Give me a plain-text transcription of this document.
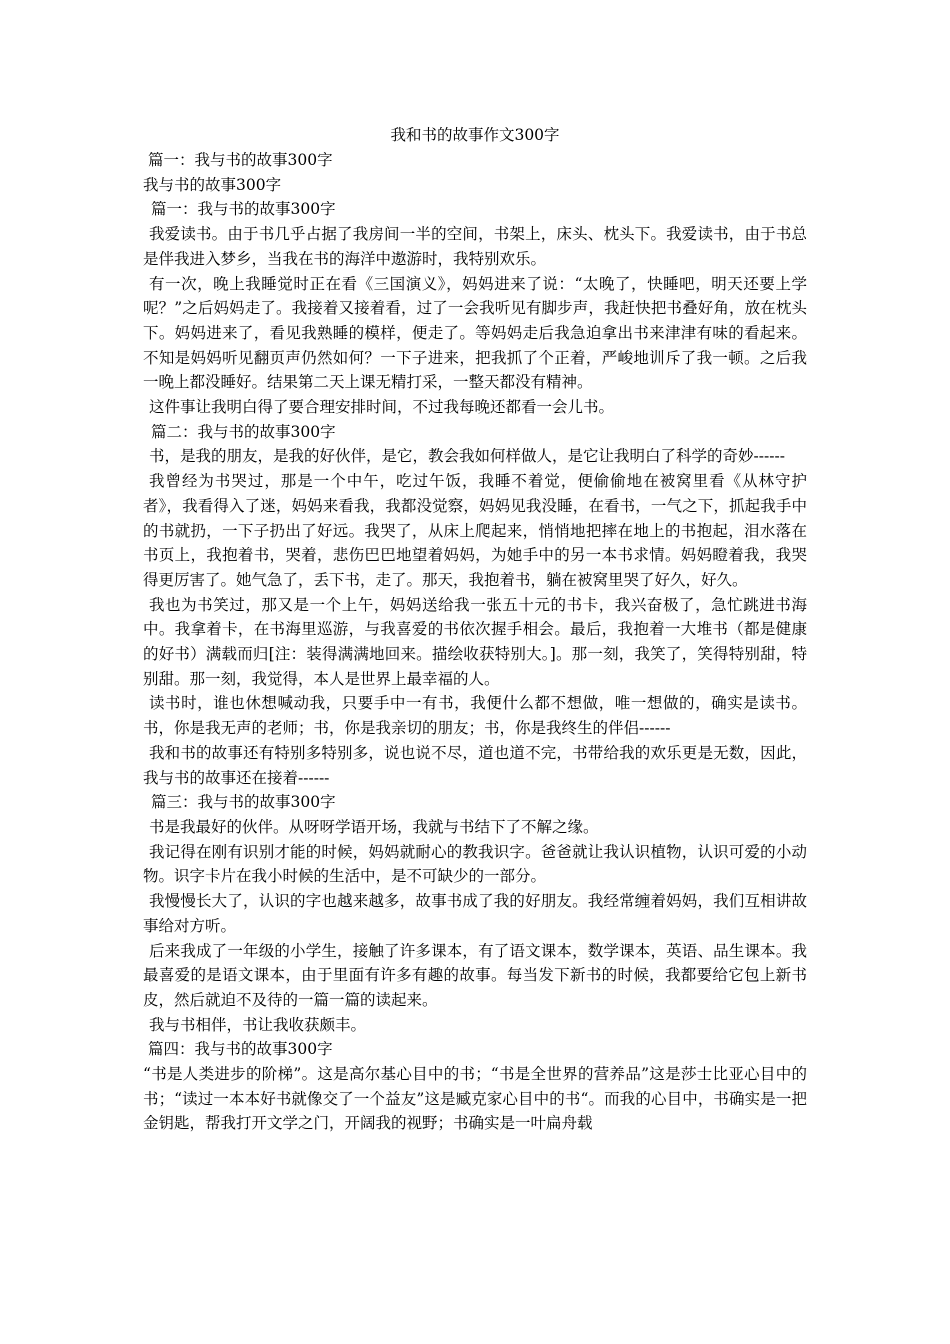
我和书的故事作文300字

篇一：我与书的故事300字

我与书的故事300字

篇一：我与书的故事300字

我爱读书。由于书几乎占据了我房间一半的空间，书架上，床头、枕头下。我爱读书，由于书总是伴我进入梦乡，当我在书的海洋中遨游时，我特别欢乐。

有一次，晚上我睡觉时正在看《三国演义》，妈妈进来了说：“太晚了，快睡吧，明天还要上学呢？”之后妈妈走了。我接着又接着看，过了一会我听见有脚步声，我赶快把书叠好角，放在枕头下。妈妈进来了，看见我熟睡的模样，便走了。等妈妈走后我急迫拿出书来津津有味的看起来。不知是妈妈听见翻页声仍然如何？一下子进来，把我抓了个正着，严峻地训斥了我一顿。之后我一晚上都没睡好。结果第二天上课无精打采，一整天都没有精神。

这件事让我明白得了要合理安排时间，不过我每晚还都看一会儿书。

篇二：我与书的故事300字

书，是我的朋友，是我的好伙伴，是它，教会我如何样做人，是它让我明白了科学的奇妙------

我曾经为书哭过，那是一个中午，吃过午饭，我睡不着觉，便偷偷地在被窝里看《从林守护者》，我看得入了迷，妈妈来看我，我都没觉察，妈妈见我没睡，在看书，一气之下，抓起我手中的书就扔，一下子扔出了好远。我哭了，从床上爬起来，悄悄地把摔在地上的书抱起，泪水落在书页上，我抱着书，哭着，悲伤巴巴地望着妈妈，为她手中的另一本书求情。妈妈瞪着我，我哭得更厉害了。她气急了，丢下书，走了。那天，我抱着书，躺在被窝里哭了好久，好久。

我也为书笑过，那又是一个上午，妈妈送给我一张五十元的书卡，我兴奋极了，急忙跳进书海中。我拿着卡，在书海里巡游，与我喜爱的书依次握手相会。最后，我抱着一大堆书（都是健康的好书）满载而归[注：装得满满地回来。描绘收获特别大。]。那一刻，我笑了，笑得特别甜，特别甜。那一刻，我觉得，本人是世界上最幸福的人。

读书时，谁也休想喊动我，只要手中一有书，我便什么都不想做，唯一想做的，确实是读书。书，你是我无声的老师；书，你是我亲切的朋友；书，你是我终生的伴侣------

我和书的故事还有特别多特别多，说也说不尽，道也道不完，书带给我的欢乐更是无数，因此，我与书的故事还在接着------

篇三：我与书的故事300字

书是我最好的伙伴。从呀呀学语开场，我就与书结下了不解之缘。

我记得在刚有识别才能的时候，妈妈就耐心的教我识字。爸爸就让我认识植物，认识可爱的小动物。识字卡片在我小时候的生活中，是不可缺少的一部分。

我慢慢长大了，认识的字也越来越多，故事书成了我的好朋友。我经常缠着妈妈，我们互相讲故事给对方听。

后来我成了一年级的小学生，接触了许多课本，有了语文课本，数学课本，英语、品生课本。我最喜爱的是语文课本，由于里面有许多有趣的故事。每当发下新书的时候，我都要给它包上新书皮，然后就迫不及待的一篇一篇的读起来。

我与书相伴，书让我收获颇丰。

篇四：我与书的故事300字

“书是人类进步的阶梯”。这是高尔基心目中的书；“书是全世界的营养品”这是莎士比亚心目中的书；“读过一本本好书就像交了一个益友”这是臧克家心目中的书“。而我的心目中，书确实是一把金钥匙，帮我打开文学之门，开阔我的视野；书确实是一叶扁舟载
